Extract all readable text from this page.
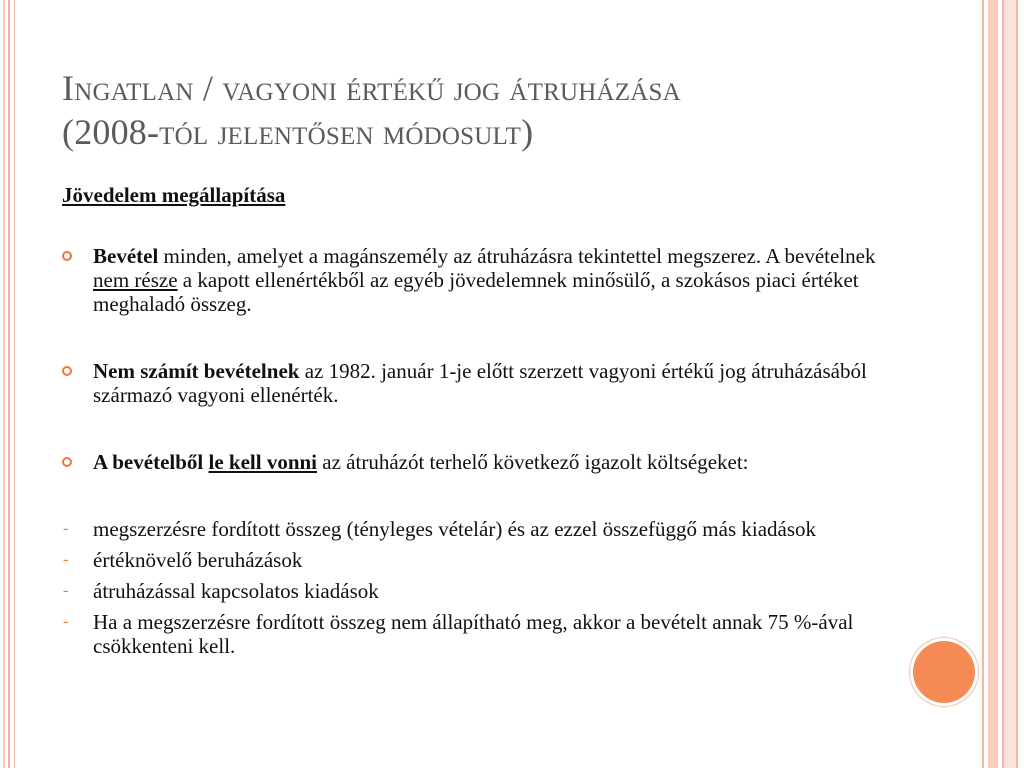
Ingatlan / vagyoni értékű jog átruházása
(2008-tól jelentősen módosult)

Jövedelem megállapítása

Bevétel minden, amelyet a magánszemély az átruházásra tekintettel megszerez. A bevételnek nem része a kapott ellenértékből az egyéb jövedelemnek minősülő, a szokásos piaci értéket meghaladó összeg.
Nem számít bevételnek az 1982. január 1-je előtt szerzett vagyoni értékű jog átruházásából származó vagyoni ellenérték.
A bevételből le kell vonni az átruházót terhelő következő igazolt költségeket:
- megszerzésre fordított összeg (tényleges vételár) és az ezzel összefüggő más kiadások
- értéknövelő beruházások
- átruházással kapcsolatos kiadások
- Ha a megszerzésre fordított összeg nem állapítható meg, akkor a bevételt annak 75 %-ával csökkenteni kell.
